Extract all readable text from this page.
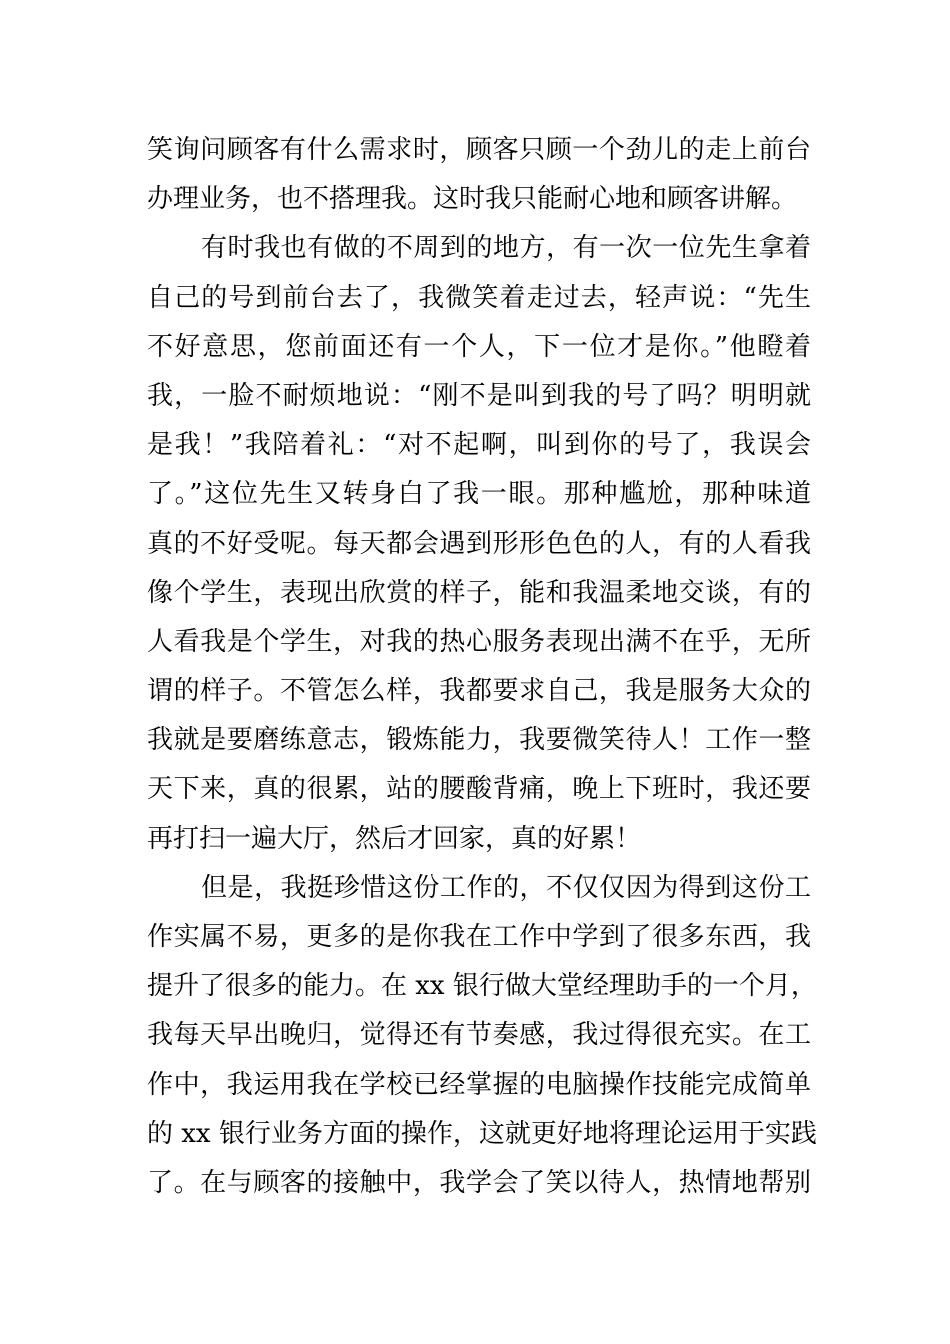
笑询问顾客有什么需求时，顾客只顾一个劲儿的走上前台
办理业务，也不搭理我。这时我只能耐心地和顾客讲解。
有时我也有做的不周到的地方，有一次一位先生拿着
自己的号到前台去了，我微笑着走过去，轻声说：“先生
不好意思，您前面还有一个人，下一位才是你。”他瞪着
我，一脸不耐烦地说：“刚不是叫到我的号了吗？明明就
是我！”我陪着礼：“对不起啊，叫到你的号了，我误会
了。”这位先生又转身白了我一眼。那种尴尬，那种味道
真的不好受呢。每天都会遇到形形色色的人，有的人看我
像个学生，表现出欣赏的样子，能和我温柔地交谈，有的
人看我是个学生，对我的热心服务表现出满不在乎，无所
谓的样子。不管怎么样，我都要求自己，我是服务大众的
我就是要磨练意志，锻炼能力，我要微笑待人！工作一整
天下来，真的很累，站的腰酸背痛，晚上下班时，我还要
再打扫一遍大厅，然后才回家，真的好累！
但是，我挺珍惜这份工作的，不仅仅因为得到这份工
作实属不易，更多的是你我在工作中学到了很多东西，我
提升了很多的能力。在 xx 银行做大堂经理助手的一个月，
我每天早出晚归，觉得还有节奏感，我过得很充实。在工
作中，我运用我在学校已经掌握的电脑操作技能完成简单
的 xx 银行业务方面的操作，这就更好地将理论运用于实践
了。在与顾客的接触中，我学会了笑以待人，热情地帮别
